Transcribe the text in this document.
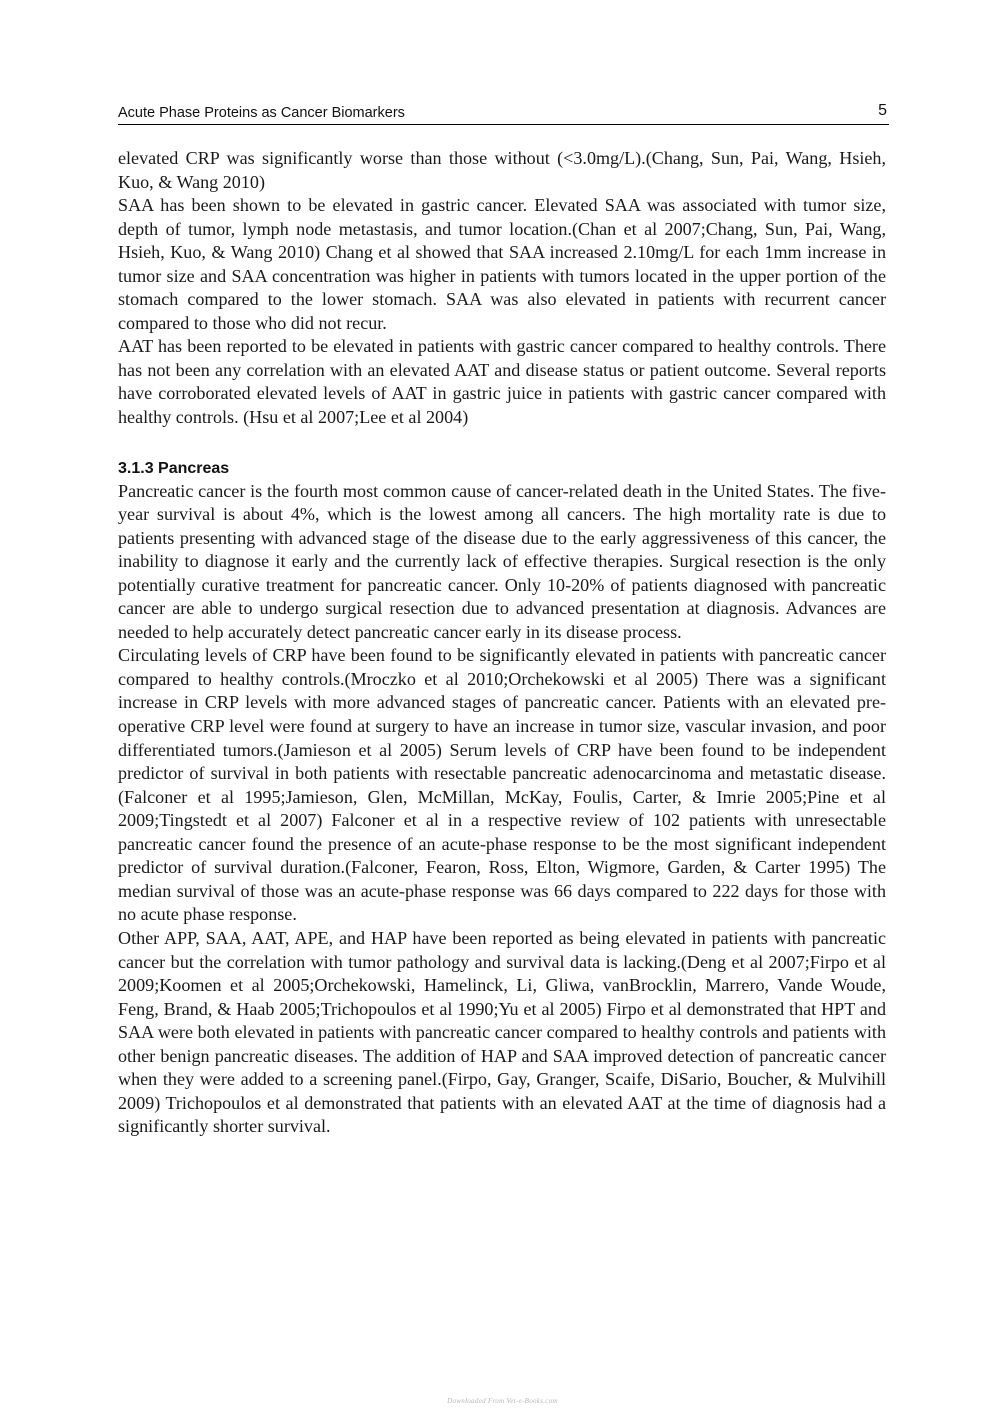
Acute Phase Proteins as Cancer Biomarkers	5

elevated CRP was significantly worse than those without (<3.0mg/L).(Chang, Sun, Pai, Wang, Hsieh, Kuo, & Wang 2010)

SAA has been shown to be elevated in gastric cancer. Elevated SAA was associated with tumor size, depth of tumor, lymph node metastasis, and tumor location.(Chan et al 2007;Chang, Sun, Pai, Wang, Hsieh, Kuo, & Wang 2010) Chang et al showed that SAA increased 2.10mg/L for each 1mm increase in tumor size and SAA concentration was higher in patients with tumors located in the upper portion of the stomach compared to the lower stomach. SAA was also elevated in patients with recurrent cancer compared to those who did not recur.

AAT has been reported to be elevated in patients with gastric cancer compared to healthy controls. There has not been any correlation with an elevated AAT and disease status or patient outcome. Several reports have corroborated elevated levels of AAT in gastric juice in patients with gastric cancer compared with healthy controls. (Hsu et al 2007;Lee et al 2004)

3.1.3 Pancreas

Pancreatic cancer is the fourth most common cause of cancer-related death in the United States. The five-year survival is about 4%, which is the lowest among all cancers. The high mortality rate is due to patients presenting with advanced stage of the disease due to the early aggressiveness of this cancer, the inability to diagnose it early and the currently lack of effective therapies. Surgical resection is the only potentially curative treatment for pancreatic cancer. Only 10-20% of patients diagnosed with pancreatic cancer are able to undergo surgical resection due to advanced presentation at diagnosis. Advances are needed to help accurately detect pancreatic cancer early in its disease process.

Circulating levels of CRP have been found to be significantly elevated in patients with pancreatic cancer compared to healthy controls.(Mroczko et al 2010;Orchekowski et al 2005) There was a significant increase in CRP levels with more advanced stages of pancreatic cancer. Patients with an elevated pre-operative CRP level were found at surgery to have an increase in tumor size, vascular invasion, and poor differentiated tumors.(Jamieson et al 2005) Serum levels of CRP have been found to be independent predictor of survival in both patients with resectable pancreatic adenocarcinoma and metastatic disease.(Falconer et al 1995;Jamieson, Glen, McMillan, McKay, Foulis, Carter, & Imrie 2005;Pine et al 2009;Tingstedt et al 2007) Falconer et al in a respective review of 102 patients with unresectable pancreatic cancer found the presence of an acute-phase response to be the most significant independent predictor of survival duration.(Falconer, Fearon, Ross, Elton, Wigmore, Garden, & Carter 1995) The median survival of those was an acute-phase response was 66 days compared to 222 days for those with no acute phase response.

Other APP, SAA, AAT, APE, and HAP have been reported as being elevated in patients with pancreatic cancer but the correlation with tumor pathology and survival data is lacking.(Deng et al 2007;Firpo et al 2009;Koomen et al 2005;Orchekowski, Hamelinck, Li, Gliwa, vanBrocklin, Marrero, Vande Woude, Feng, Brand, & Haab 2005;Trichopoulos et al 1990;Yu et al 2005) Firpo et al demonstrated that HPT and SAA were both elevated in patients with pancreatic cancer compared to healthy controls and patients with other benign pancreatic diseases. The addition of HAP and SAA improved detection of pancreatic cancer when they were added to a screening panel.(Firpo, Gay, Granger, Scaife, DiSario, Boucher, & Mulvihill 2009) Trichopoulos et al demonstrated that patients with an elevated AAT at the time of diagnosis had a significantly shorter survival.

Downloaded From Vet-e-Books.com
